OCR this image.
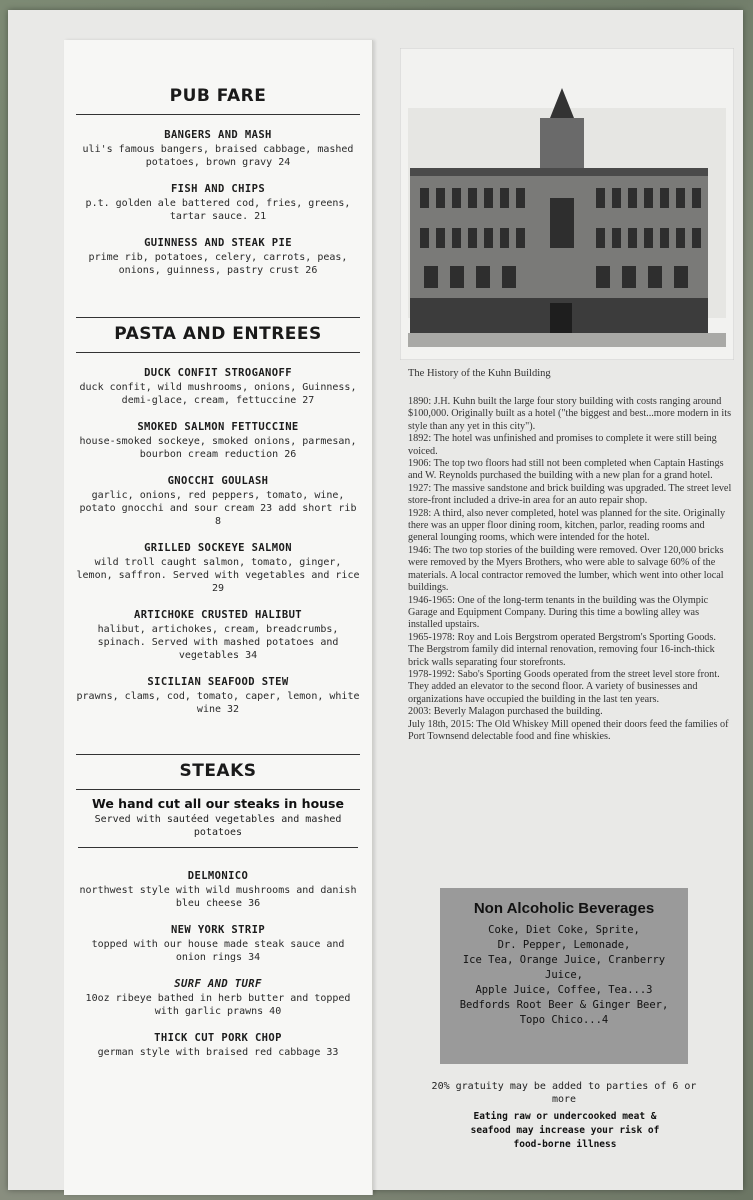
PUB FARE
BANGERS AND MASH
uli's famous bangers, braised cabbage, mashed potatoes, brown gravy 24
FISH AND CHIPS
p.t. golden ale battered cod, fries, greens, tartar sauce. 21
GUINNESS AND STEAK PIE
prime rib, potatoes, celery, carrots, peas, onions, guinness, pastry crust 26
PASTA AND ENTREES
DUCK CONFIT STROGANOFF
duck confit, wild mushrooms, onions, Guinness, demi-glace, cream, fettuccine 27
SMOKED SALMON FETTUCCINE
house-smoked sockeye, smoked onions, parmesan, bourbon cream reduction 26
GNOCCHI GOULASH
garlic, onions, red peppers, tomato, wine, potato gnocchi and sour cream 23 add short rib 8
GRILLED SOCKEYE SALMON
wild troll caught salmon, tomato, ginger, lemon, saffron. Served with vegetables and rice 29
ARTICHOKE CRUSTED HALIBUT
halibut, artichokes, cream, breadcrumbs, spinach. Served with mashed potatoes and vegetables 34
SICILIAN SEAFOOD STEW
prawns, clams, cod, tomato, caper, lemon, white wine 32
STEAKS
We hand cut all our steaks in house
Served with sautéed vegetables and mashed potatoes
DELMONICO
northwest style with wild mushrooms and danish bleu cheese 36
NEW YORK STRIP
topped with our house made steak sauce and onion rings 34
SURF AND TURF
10oz ribeye bathed in herb butter and topped with garlic prawns 40
THICK CUT PORK CHOP
german style with braised red cabbage 33
The History of the Kuhn Building

1890: J.H. Kuhn built the large four story building with costs ranging around $100,000. Originally built as a hotel ("the biggest and best...more modern in its style than any yet in this city").

1892: The hotel was unfinished and promises to complete it were still being voiced.

1906: The top two floors had still not been completed when Captain Hastings and W. Reynolds purchased the building with a new plan for a grand hotel.

1927: The massive sandstone and brick building was upgraded. The street level store-front included a drive-in area for an auto repair shop.

1928: A third, also never completed, hotel was planned for the site. Originally there was an upper floor dining room, kitchen, parlor, reading rooms and general lounging rooms, which were intended for the hotel.

1946: The two top stories of the building were removed. Over 120,000 bricks were removed by the Myers Brothers, who were able to salvage 60% of the materials. A local contractor removed the lumber, which went into other local buildings.

1946-1965: One of the long-term tenants in the building was the Olympic Garage and Equipment Company. During this time a bowling alley was installed upstairs.

1965-1978: Roy and Lois Bergstrom operated Bergstrom's Sporting Goods. The Bergstrom family did internal renovation, removing four 16-inch-thick brick walls separating four storefronts.

1978-1992: Sabo's Sporting Goods operated from the street level store front. They added an elevator to the second floor. A variety of businesses and organizations have occupied the building in the last ten years.

2003: Beverly Malagon purchased the building.

July 18th, 2015: The Old Whiskey Mill opened their doors feed the families of Port Townsend delectable food and fine whiskies.

Non Alcoholic Beverages
Coke, Diet Coke, Sprite,
Dr. Pepper, Lemonade,
Ice Tea, Orange Juice, Cranberry
Juice,
Apple Juice, Coffee, Tea...3
Bedfords Root Beer & Ginger Beer,
Topo Chico...4
20% gratuity may be added to parties of 6 or more
Eating raw or undercooked meat & seafood may increase your risk of food-borne illness
